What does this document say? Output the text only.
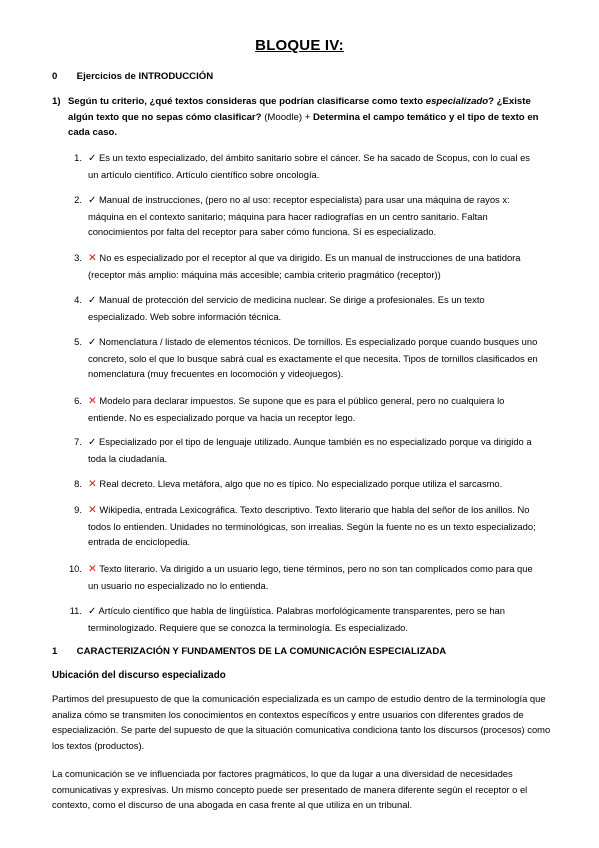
BLOQUE IV:
0 Ejercicios de INTRODUCCIÓN
1) Según tu criterio, ¿qué textos consideras que podrían clasificarse como texto especializado? ¿Existe algún texto que no sepas cómo clasificar? (Moodle) + Determina el campo temático y el tipo de texto en cada caso.
1. ✓ Es un texto especializado, del ámbito sanitario sobre el cáncer. Se ha sacado de Scopus, con lo cual es un artículo científico. Artículo científico sobre oncología.
2. ✓ Manual de instrucciones, (pero no al uso: receptor especialista) para usar una máquina de rayos x: máquina en el contexto sanitario; máquina para hacer radiografías en un centro sanitario. Faltan conocimientos por falta del receptor para saber cómo funciona. Sí es especializado.
3. ✕ No es especializado por el receptor al que va dirigido. Es un manual de instrucciones de una batidora (receptor más amplio: máquina más accesible; cambia criterio pragmático (receptor))
4. ✓ Manual de protección del servicio de medicina nuclear. Se dirige a profesionales. Es un texto especializado. Web sobre información técnica.
5. ✓ Nomenclatura / listado de elementos técnicos. De tornillos. Es especializado porque cuando busques uno concreto, solo el que lo busque sabrá cual es exactamente el que necesita. Tipos de tornillos clasificados en nomenclatura (muy frecuentes en locomoción y videojuegos).
6. ✕ Modelo para declarar impuestos. Se supone que es para el público general, pero no cualquiera lo entiende. No es especializado porque va hacia un receptor lego.
7. ✓ Especializado por el tipo de lenguaje utilizado. Aunque también es no especializado porque va dirigido a toda la ciudadanía.
8. ✕ Real decreto. Lleva metáfora, algo que no es típico. No especializado porque utiliza el sarcasmo.
9. ✕ Wikipedia, entrada Lexicográfica. Texto descriptivo. Texto literario que habla del señor de los anillos. No todos lo entienden. Unidades no terminológicas, son irrealias. Según la fuente no es un texto especializado; entrada de enciclopedia.
10. ✕ Texto literario. Va dirigido a un usuario lego, tiene términos, pero no son tan complicados como para que un usuario no especializado no lo entienda.
11. ✓ Artículo científico que habla de lingüística. Palabras morfológicamente transparentes, pero se han terminologizado. Requiere que se conozca la terminología. Es especializado.
1 CARACTERIZACIÓN Y FUNDAMENTOS DE LA COMUNICACIÓN ESPECIALIZADA
Ubicación del discurso especializado
Partimos del presupuesto de que la comunicación especializada es un campo de estudio dentro de la terminología que analiza cómo se transmiten los conocimientos en contextos específicos y entre usuarios con diferentes grados de especialización. Se parte del supuesto de que la situación comunicativa condiciona tanto los discursos (procesos) como los textos (productos).
La comunicación se ve influenciada por factores pragmáticos, lo que da lugar a una diversidad de necesidades comunicativas y expresivas. Un mismo concepto puede ser presentado de manera diferente según el receptor o el contexto, como el discurso de una abogada en casa frente al que utiliza en un tribunal.
